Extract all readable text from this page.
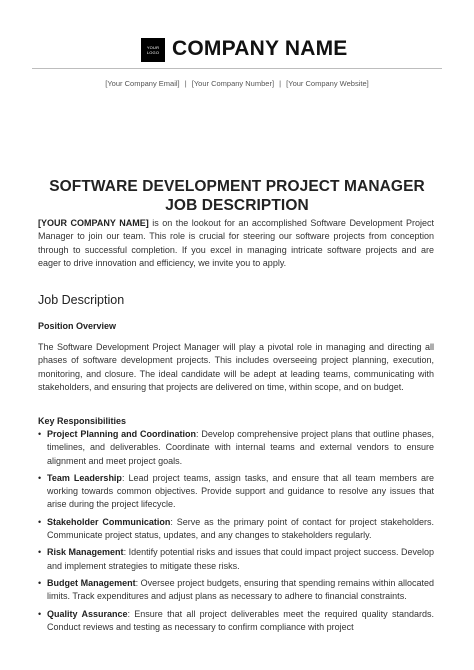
YOUR
LOGO COMPANY NAME
[Your Company Email] | [Your Company Number] | [Your Company Website]
SOFTWARE DEVELOPMENT PROJECT MANAGER JOB DESCRIPTION
[YOUR COMPANY NAME] is on the lookout for an accomplished Software Development Project Manager to join our team. This role is crucial for steering our software projects from conception through to successful completion. If you excel in managing intricate software projects and are eager to drive innovation and efficiency, we invite you to apply.
Job Description
Position Overview
The Software Development Project Manager will play a pivotal role in managing and directing all phases of software development projects. This includes overseeing project planning, execution, monitoring, and closure. The ideal candidate will be adept at leading teams, communicating with stakeholders, and ensuring that projects are delivered on time, within scope, and on budget.
Key Responsibilities
• Project Planning and Coordination: Develop comprehensive project plans that outline phases, timelines, and deliverables. Coordinate with internal teams and external vendors to ensure alignment and meet project goals.
• Team Leadership: Lead project teams, assign tasks, and ensure that all team members are working towards common objectives. Provide support and guidance to resolve any issues that arise during the project lifecycle.
• Stakeholder Communication: Serve as the primary point of contact for project stakeholders. Communicate project status, updates, and any changes to stakeholders regularly.
• Risk Management: Identify potential risks and issues that could impact project success. Develop and implement strategies to mitigate these risks.
• Budget Management: Oversee project budgets, ensuring that spending remains within allocated limits. Track expenditures and adjust plans as necessary to adhere to financial constraints.
• Quality Assurance: Ensure that all project deliverables meet the required quality standards. Conduct reviews and testing as necessary to confirm compliance with project
